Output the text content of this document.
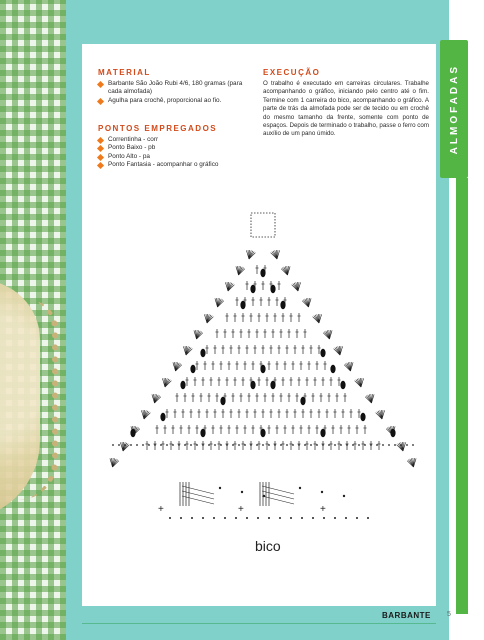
ALMOFADAS
MATERIAL
Barbante São João Rubi 4/6, 180 gramas (para cada almofada)
Agulha para crochê, proporcional ao fio.
PONTOS EMPREGADOS
Correntinha - corr
Ponto Baixo - pb
Ponto Alto - pa
Ponto Fantasia - acompanhar o gráfico
EXECUÇÃO
O trabalho é executado em carreiras circulares. Trabalhe acompanhando o gráfico, iniciando pelo centro até o fim. Termine com 1 carreira do bico, acompanhando o gráfico. A parte de trás da almofada pode ser de tecido ou em crochê do mesmo tamanho da frente, somente com ponto de espaços. Depois de terminado o trabalho, passe o ferro com auxílio de um pano úmido.
+	+	+
bico
BARBANTE 5
